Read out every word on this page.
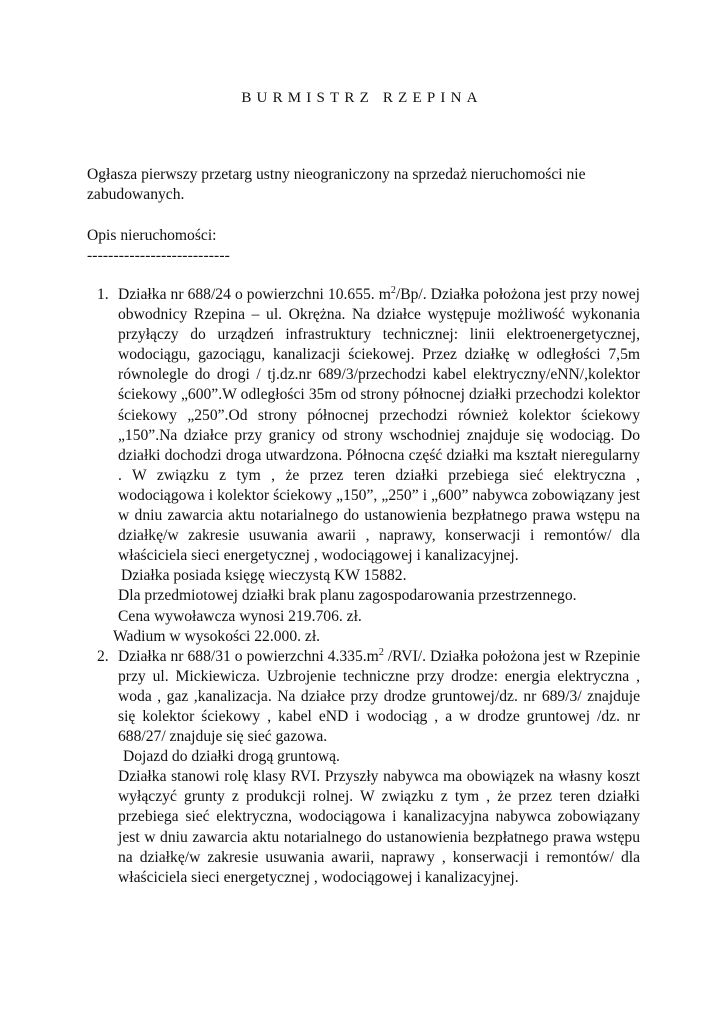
BURMISTRZ RZEPINA

Ogłasza pierwszy przetarg ustny nieograniczony na sprzedaż nieruchomości nie zabudowanych.

Opis nieruchomości:

---------------------------

1. Działka nr 688/24 o powierzchni 10.655. $m^2/Bp/$. Działka położona jest przy nowej obwodnicy Rzepina – ul. Okrężna. Na działce występuje możliwość wykonania przyłączy do urządzeń infrastruktury technicznej: linii elektroenergetycznej, wodociągu, gazociągu, kanalizacji ściekowej. Przez działkę w odległości 7,5m równolegle do drogi / tj.dz.nr 689/3/przechodzi kabel elektryczny/eNN/,kolektor ściekowy „600”.W odległości 35m od strony północnej działki przechodzi kolektor ściekowy „250”.Od strony północnej przechodzi również kolektor ściekowy „150”.Na działce przy granicy od strony wschodniej znajduje się wodociąg. Do działki dochodzi droga utwardzona. Północna część działki ma kształt nieregularny . W związku z tym , że przez teren działki przebiega sieć elektryczna , wodociągowa i kolektor ściekowy „150”, „250” i „600” nabywca zobowiązany jest w dniu zawarcia aktu notarialnego do ustanowienia bezpłatnego prawa wstępu na działkę/w zakresie usuwania awarii , naprawy, konserwacji i remontów/ dla właściciela sieci energetycznej , wodociągowej i kanalizacyjnej.

Działka posiada księgę wieczystą KW 15882.

Dla przedmiotowej działki brak planu zagospodarowania przestrzennego.

Cena wywoławcza wynosi 219.706. zł.

Wadium w wysokości 22.000. zł.

2. Działka nr 688/31 o powierzchni $4.335.m^2$ /RVI/. Działka położona jest w Rzepinie przy ul. Mickiewicza. Uzbrojenie techniczne przy drodze: energia elektryczna , woda , gaz ,kanalizacja. Na działce przy drodze gruntowej/dz. nr 689/3/ znajduje się kolektor ściekowy , kabel eND i wodociąg , a w drodze gruntowej /dz. nr 688/27/ znajduje się sieć gazowa.

Dojazd do działki drogą gruntową.

Działka stanowi rolę klasy RVI. Przyszły nabywca ma obowiązek na własny koszt wyłączyć grunty z produkcji rolnej. W związku z tym , że przez teren działki przebiega sieć elektryczna, wodociągowa i kanalizacyjna nabywca zobowiązany jest w dniu zawarcia aktu notarialnego do ustanowienia bezpłatnego prawa wstępu na działkę/w zakresie usuwania awarii, naprawy , konserwacji i remontów/ dla właściciela sieci energetycznej , wodociągowej i kanalizacyjnej.
